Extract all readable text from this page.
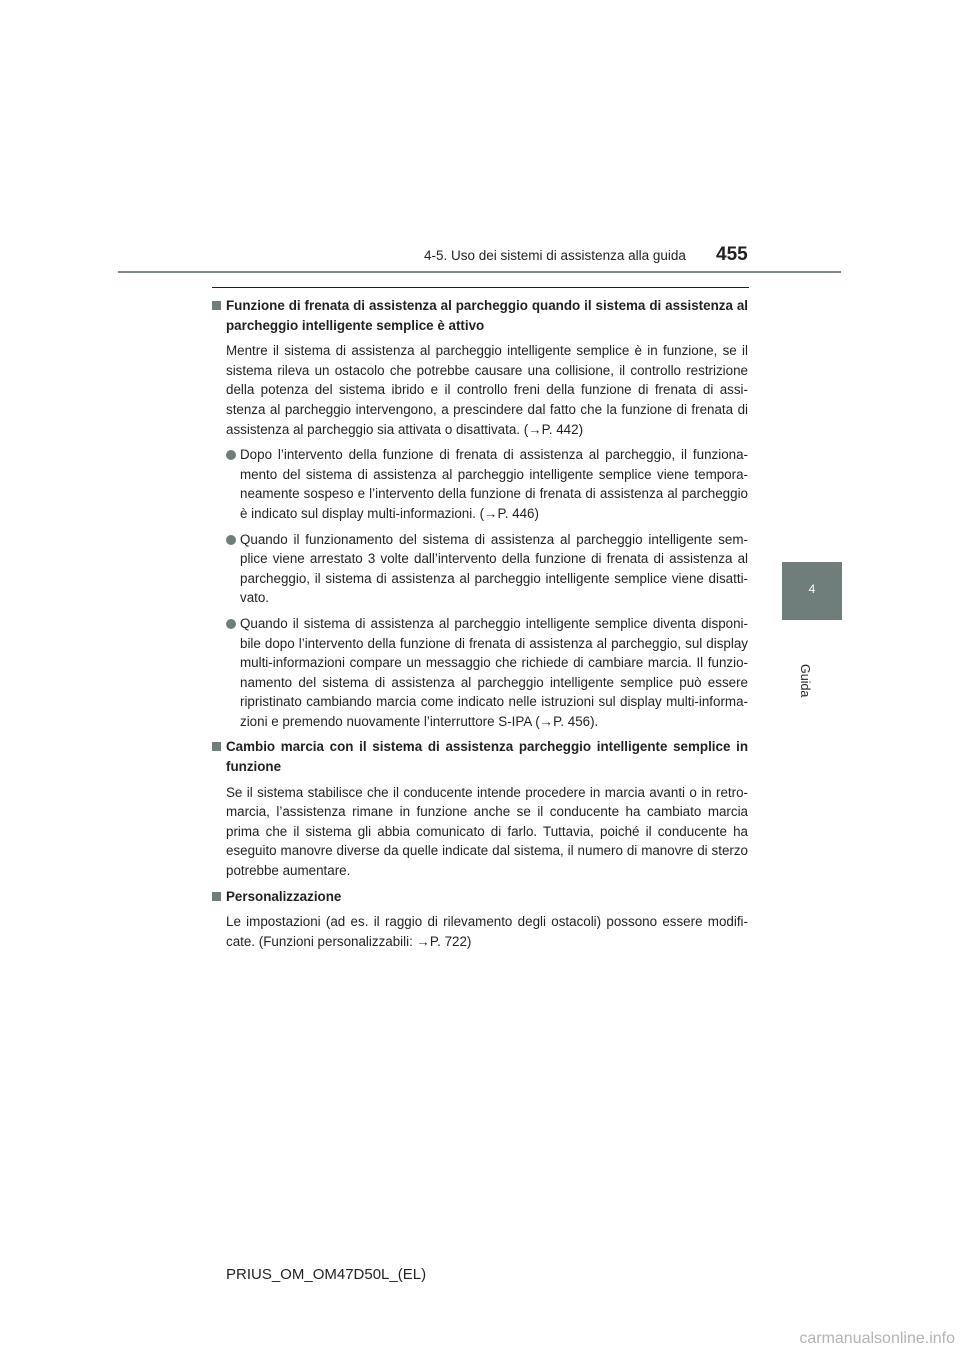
4-5. Uso dei sistemi di assistenza alla guida	455
4
Guida
Funzione di frenata di assistenza al parcheggio quando il sistema di assistenza al parcheggio intelligente semplice è attivo
Mentre il sistema di assistenza al parcheggio intelligente semplice è in funzione, se il sistema rileva un ostacolo che potrebbe causare una collisione, il controllo restrizione della potenza del sistema ibrido e il controllo freni della funzione di frenata di assi-stenza al parcheggio intervengono, a prescindere dal fatto che la funzione di frenata di assistenza al parcheggio sia attivata o disattivata. (→P. 442)
Dopo l’intervento della funzione di frenata di assistenza al parcheggio, il funziona-mento del sistema di assistenza al parcheggio intelligente semplice viene tempora-neamente sospeso e l’intervento della funzione di frenata di assistenza al parcheggio è indicato sul display multi-informazioni. (→P. 446)
Quando il funzionamento del sistema di assistenza al parcheggio intelligente sem-plice viene arrestato 3 volte dall’intervento della funzione di frenata di assistenza al parcheggio, il sistema di assistenza al parcheggio intelligente semplice viene disatti-vato.
Quando il sistema di assistenza al parcheggio intelligente semplice diventa disponi-bile dopo l’intervento della funzione di frenata di assistenza al parcheggio, sul display multi-informazioni compare un messaggio che richiede di cambiare marcia. Il funzio-namento del sistema di assistenza al parcheggio intelligente semplice può essere ripristinato cambiando marcia come indicato nelle istruzioni sul display multi-informa-zioni e premendo nuovamente l’interruttore S-IPA (→P. 456).
Cambio marcia con il sistema di assistenza parcheggio intelligente semplice in funzione
Se il sistema stabilisce che il conducente intende procedere in marcia avanti o in retro-marcia, l’assistenza rimane in funzione anche se il conducente ha cambiato marcia prima che il sistema gli abbia comunicato di farlo. Tuttavia, poiché il conducente ha eseguito manovre diverse da quelle indicate dal sistema, il numero di manovre di sterzo potrebbe aumentare.
Personalizzazione
Le impostazioni (ad es. il raggio di rilevamento degli ostacoli) possono essere modifi-cate. (Funzioni personalizzabili: →P. 722)
PRIUS_OM_OM47D50L_(EL)
carmanualsonline.info
